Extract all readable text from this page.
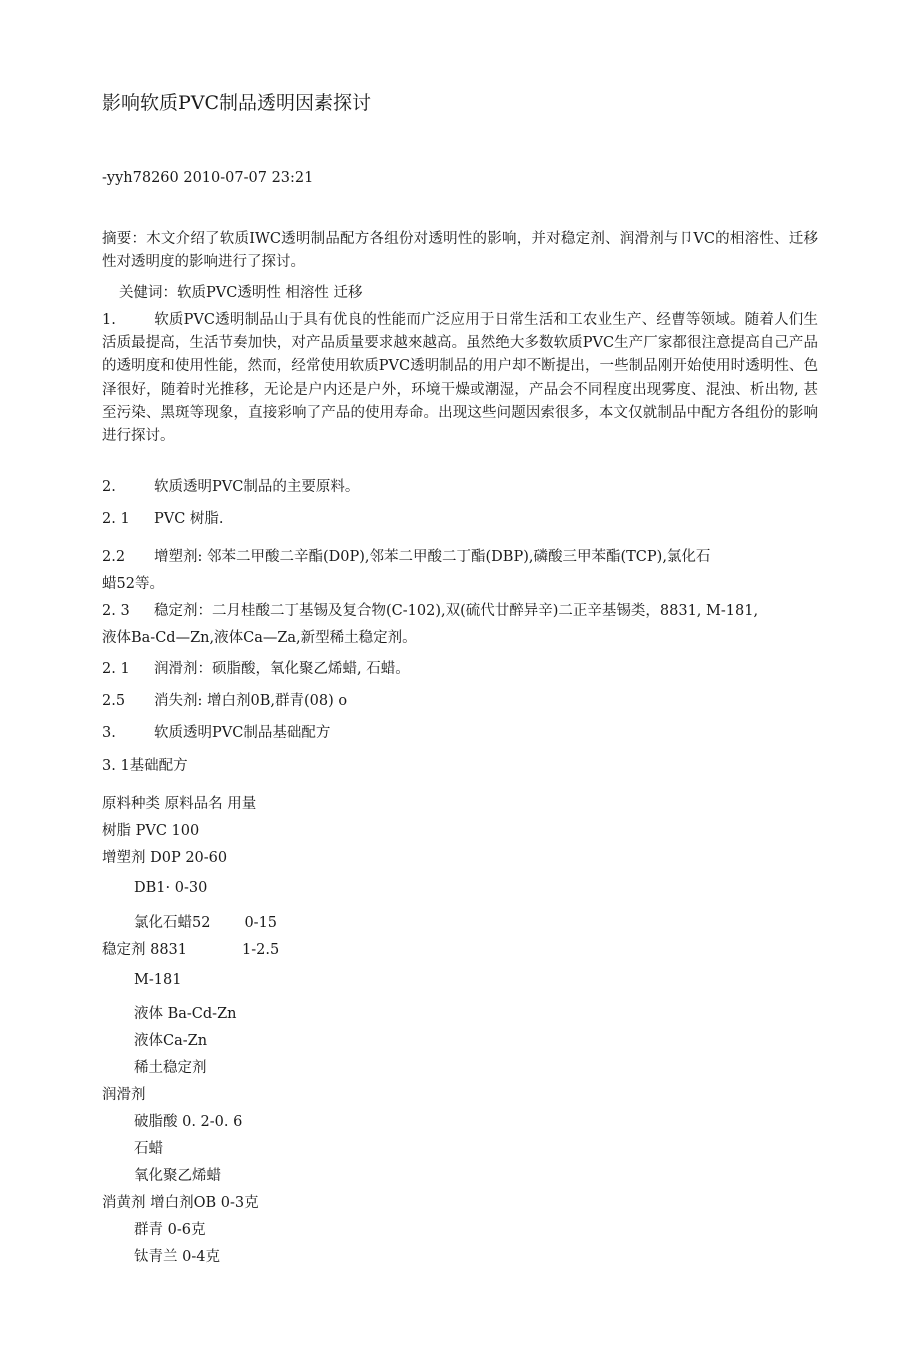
影响软质PVC制品透明因素探讨
-yyh78260 2010-07-07 23:21
摘要：木文介绍了软质IWC透明制品配方各组份对透明性的影响，并对稳定剂、润滑剂与卩VC的相溶性、迁移性对透明度的影响进行了探讨。
关健词：软质PVC透明性 相溶性 迁移
1.	软质PVC透明制品山于具有优良的性能而广泛应用于日常生活和工农业生产、经曹等领域。随着人们生活质最提高，生活节奏加快，对产品质量要求越來越高。虽然绝大多数软质PVC生产厂家都很注意提高自己产品的透明度和使用性能，然而，经常使用软质PVC透明制品的用户却不断提出，一些制品刚开始使用时透明性、色泽很好，随着时光推移，无论是户内还是户外，环境干燥或潮湿，产品会不同程度出现雾度、混浊、析出物, 甚至污染、黑斑等现象，直接彩响了产品的使用寿命。出现这些问题因索很多，本文仅就制品中配方各组份的影响进行探讨。
2.	软质透明PVC制品的主要原料。
2. 1 PVC 树脂.
2.2 增塑剂: 邻苯二甲酸二辛酯(D0P),邻苯二甲酸二丁酯(DBP),磷酸三甲苯酯(TCP),氯化石
蜡52等。
2. 3 稳定剂：二月桂酸二丁基锡及复合物(C-102),双(硫代廿醉异辛)二正辛基锡类，8831, M-181,
液体Ba-Cd—Zn,液体Ca—Za,新型稀土稳定剂。
2. 1 润滑剂：硕脂酸，氧化聚乙烯蜡, 石蜡。
2.5 消失剂: 增白剂0B,群青(08) o
3.	软质透明PVC制品基础配方
3. 1基础配方
原料种类 原料品名 用量
树脂 PVC 100
增塑剂 D0P 20-60
DB1· 0-30
氯化石蜡52 0-15
稳定剂 8831	1-2.5
M-181
液体 Ba-Cd-Zn
液体Ca-Zn
稀土稳定剂
润滑剂
破脂酸 0. 2-0. 6
石蜡
氧化聚乙烯蜡
消黄剂 增白剂OB 0-3克
群青 0-6克
钛青兰 0-4克
